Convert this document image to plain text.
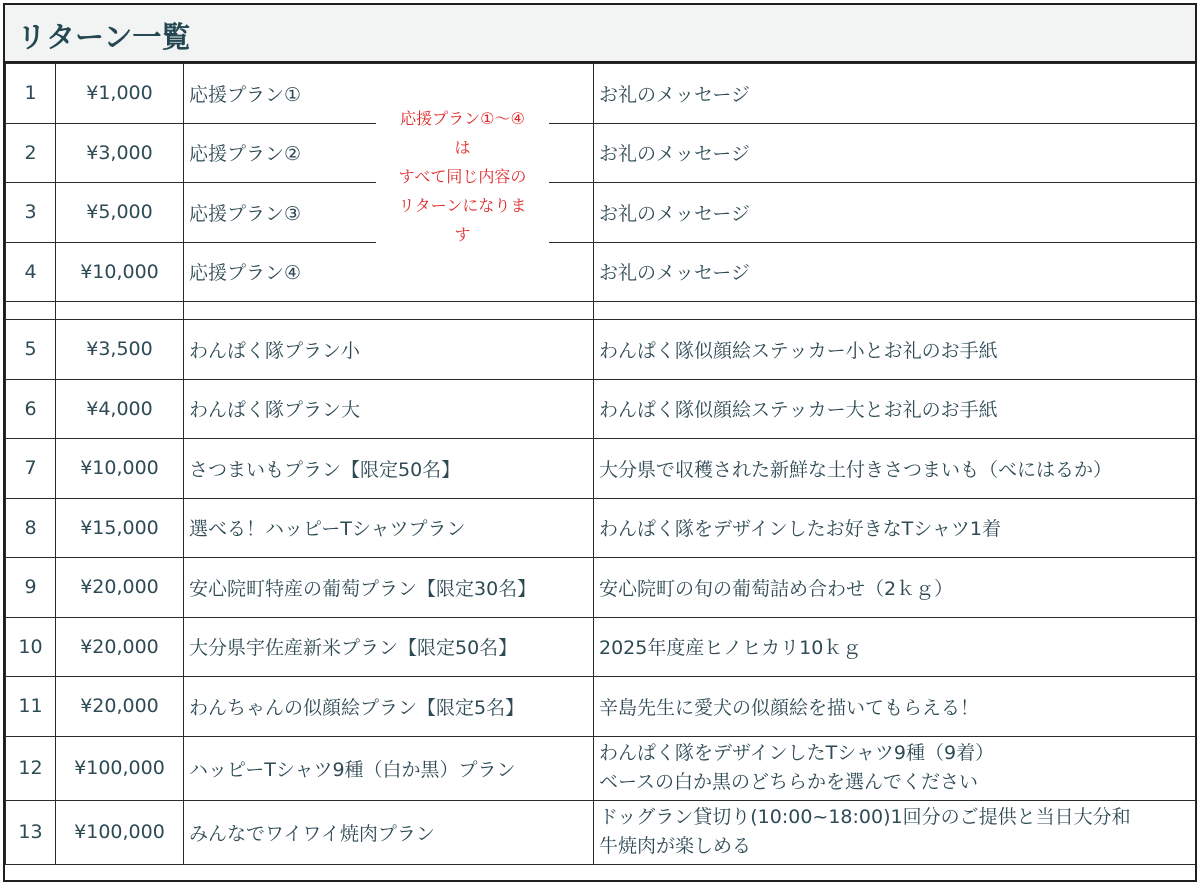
リターン一覧
1	¥1,000	応援プラン①	お礼のメッセージ
2	¥3,000	応援プラン②	お礼のメッセージ
3	¥5,000	応援プラン③	お礼のメッセージ
4	¥10,000	応援プラン④	お礼のメッセージ

5	¥3,500	わんぱく隊プラン小	わんぱく隊似顔絵ステッカー小とお礼のお手紙
6	¥4,000	わんぱく隊プラン大	わんぱく隊似顔絵ステッカー大とお礼のお手紙
7	¥10,000	さつまいもプラン【限定50名】	大分県で収穫された新鮮な土付きさつまいも（べにはるか）
8	¥15,000	選べる！ハッピーTシャツプラン	わんぱく隊をデザインしたお好きなTシャツ1着
9	¥20,000	安心院町特産の葡萄プラン【限定30名】	安心院町の旬の葡萄詰め合わせ（2ｋｇ）
10	¥20,000	大分県宇佐産新米プラン【限定50名】	2025年度産ヒノヒカリ10ｋｇ
11	¥20,000	わんちゃんの似顔絵プラン【限定5名】	辛島先生に愛犬の似顔絵を描いてもらえる！
12	¥100,000	ハッピーTシャツ9種（白か黒）プラン	わんぱく隊をデザインしたTシャツ9種（9着）
ベースの白か黒のどちらかを選んでください

13	¥100,000	みんなでワイワイ焼肉プラン	ドッグラン貸切り(10:00~18:00)1回分のご提供と当日大分和
牛焼肉が楽しめる
応援プラン①〜④
は
すべて同じ内容の
リターンになりま
す
